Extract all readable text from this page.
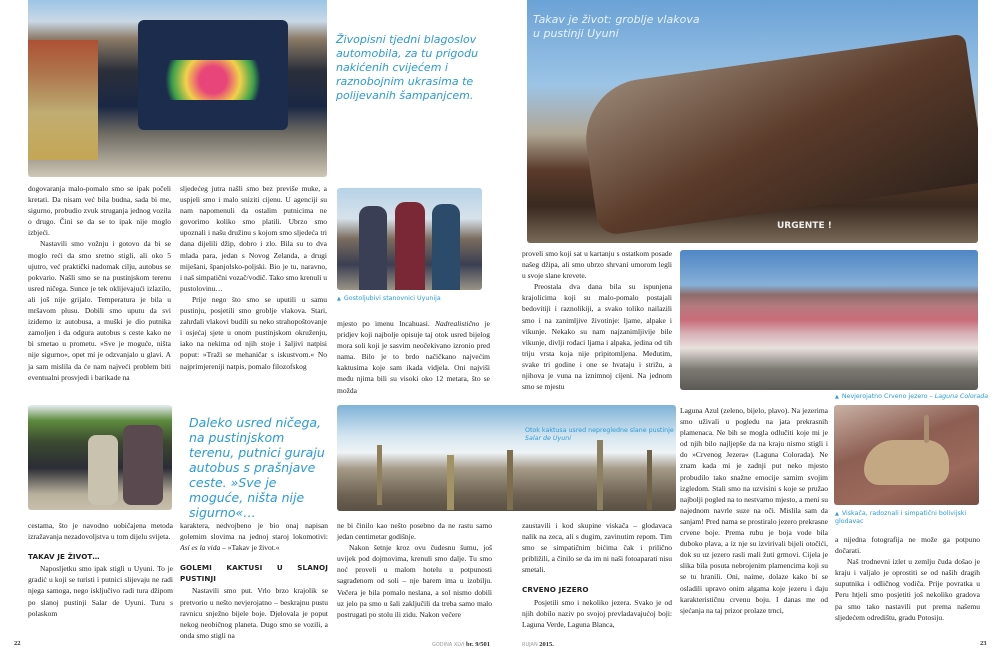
Živopisni tjedni blagoslov automobila, za tu prigodu nakićenih cvijećem i raznobojnim ukrasima te polijevanih šampanjcem.

dogovaranja malo-pomalo smo se ipak počeli kretati. Da nisam već bila budna, sada bi me, sigurno, probudio zvuk struganja jednog vozila o drugo. Čini se da se to ipak nije moglo izbjeći.

Nastavili smo vožnju i gotovo da bi se moglo reći da smo sretno stigli, ali oko 5 ujutro, već praktički nadomak cilju, autobus se pokvario. Našli smo se na pustinjskom terenu usred ničega. Sunce je tek oklijevajući izlazilo, ali još nije grijalo. Temperatura je bila u mršavom plusu. Dobili smo uputu da svi iziđemo iz autobusa, a muški je dio putnika zamoljen i da odgura autobus s ceste kako ne bi smetao u prometu. »Sve je moguće, ništa nije sigurno«, opet mi je odzvanjalo u glavi. A ja sam mislila da će nam najveći problem biti eventualni prosvjedi i barikade na

sljedećeg jutra našli smo bez previše muke, a uspjeli smo i malo sniziti cijenu. U agenciji su nam napomenuli da ostalim putnicima ne govorimo koliko smo platili. Ubrzo smo upoznali i našu družinu s kojom smo sljedeća tri dana dijelili džip, dobro i zlo. Bila su to dva mlada para, jedan s Novog Zelanda, a drugi miješani, španjolsko-poljski. Bio je tu, naravno, i naš simpatični vozač/vodič. Tako smo krenuli u pustolovinu…

Prije nego što smo se uputili u samu pustinju, posjetili smo groblje vlakova. Stari, zahrđali vlakovi budili su neko strahopoštovanje i osjećaj sjete u onom pustinjskom okruženju, iako na nekima od njih stoje i šaljivi natpisi poput: »Traži se mehaničar s iskustvom.« No najprimjereniji natpis, pomalo filozofskog

▲ Gostoljubivi stanovnici Uyunija

mjesto po imenu Incahuasi. Nadrealistično je pridjev koji najbolje opisuje taj otok usred bijelog mora soli koji je sasvim neočekivano izronio pred nama. Bilo je to brdo načičkano najvećim kaktusima koje sam ikada vidjela. Oni najviši među njima bili su visoki oko 12 metara, što se možda

Daleko usred ničega, na pustinjskom terenu, putnici guraju autobus s prašnjave ceste. »Sve je moguće, ništa nije sigurno«…

cestama, što je navodno uobičajena metoda izražavanja nezadovoljstva u tom dijelu svijeta.

TAKAV JE ŽIVOT…

Naposljetku smo ipak stigli u Uyuni. To je gradić u koji se turisti i putnici slijevaju ne radi njega samoga, nego isključivo radi tura džipom po slanoj pustinji Salar de Uyuni. Turu s polaskom

karaktera, nedvojbeno je bio onaj napisan golemim slovima na jednoj staroj lokomotivi: Así es la vida – »Takav je život.«

GOLEMI KAKTUSI U SLANOJ PUSTINJI

Nastavili smo put. Vrlo brzo krajolik se pretvorio u nešto nevjerojatno – beskrajnu pustu ravnicu snježno bijele boje. Djelovala je poput nekog neobičnog planeta. Dugo smo se vozili, a onda smo stigli na

Otok kaktusa usred nepregledne slane pustinje
Salar de Uyuni

ne bi činilo kao nešto posebno da ne rastu samo jedan centimetar godišnje.

Nakon šetnje kroz ovu čudesnu šumu, još uvijek pod dojmovima, krenuli smo dalje. Tu smo noć proveli u malom hotelu u potpunosti sagrađenom od soli – nje barem ima u izobilju. Večera je bila pomalo neslana, a sol nismo dobili uz jelo pa smo u šali zaključili da treba samo malo postrugati po stolu ili zidu. Nakon večere

GODINA XLVI br. 9/501
22
URGENTE !
Takav je život: groblje vlakova u pustinji Uyuni

proveli smo koji sat u kartanju s ostatkom posade našeg džipa, ali smo ubrzo shrvani umorom legli u svoje slane krevete.

Preostala dva dana bila su ispunjena krajolicima koji su malo-pomalo postajali bedovitiji i raznolikiji, a svako toliko nailazili smo i na zanimljive životinje: ljame, alpake i vikunje. Nekako su nam najzanimljivije bile vikunje, divlji rođaci ljama i alpaka, jedina od tih triju vrsta koja nije pripitomljena. Međutim, svake tri godine i one se hvataju i strižu, a njihova je vuna na iznimnoj cijeni. Na jednom smo se mjestu

▲ Nevjerojatno Crveno jezero – Laguna Colorada

Laguna Azul (zeleno, bijelo, plavo). Na jezerima smo uživali u pogledu na jata prekrasnih plamenaca. Ne bih se mogla odlučiti koje mi je od njih bilo najljepše da na kraju nismo stigli i do »Crvenog Jezera« (Laguna Colorada). Ne znam kada mi je zadnji put neko mjesto probudilo tako snažne emocije samim svojim izgledom. Stali smo na uzvisini s koje se pružao najbolji pogled na to nestvarno mjesto, a meni su najednom navrle suze na oči. Mislila sam da sanjam! Pred nama se prostiralo jezero prekrasne crvene boje. Prema rubu je boja vode bila duboko plava, a iz nje su izvirivali bijeli otočići, dok su uz jezero rasli mali žuti grmovi. Cijela je slika bila posuta nebrojenim plamencima koji su se tu hranili. Oni, naime, dolaze kako bi se osladili upravo onim algama koje jezeru i daju karakterističnu crvenu boju. I danas me od sjećanja na taj prizor prolaze trnci,

▲ Viskača, radoznali i simpatični bolivijski glodavac

a nijedna fotografija ne može ga potpuno dočarati.

Naš trodnevni izlet u zemlju čuda došao je kraju i valjalo je oprostiti se od naših dragih suputnika i odličnog vodiča. Prije povratka u Peru htjeli smo posjetiti još nekoliko gradova pa smo tako nastavili put prema našemu sljedećem odredištu, gradu Potosiju.

zaustavili i kod skupine viskača – glodavaca nalik na zeca, ali s dugim, zavinutim repom. Tim smo se simpatičnim bićima čak i prilično približili, a činilo se da im ni naši fotoaparati nisu smetali.

CRVENO JEZERO

Posjetili smo i nekoliko jezera. Svako je od njih dobilo naziv po svojoj prevladavajućoj boji: Laguna Verde, Laguna Blanca,

RUJAN 2015.	23
